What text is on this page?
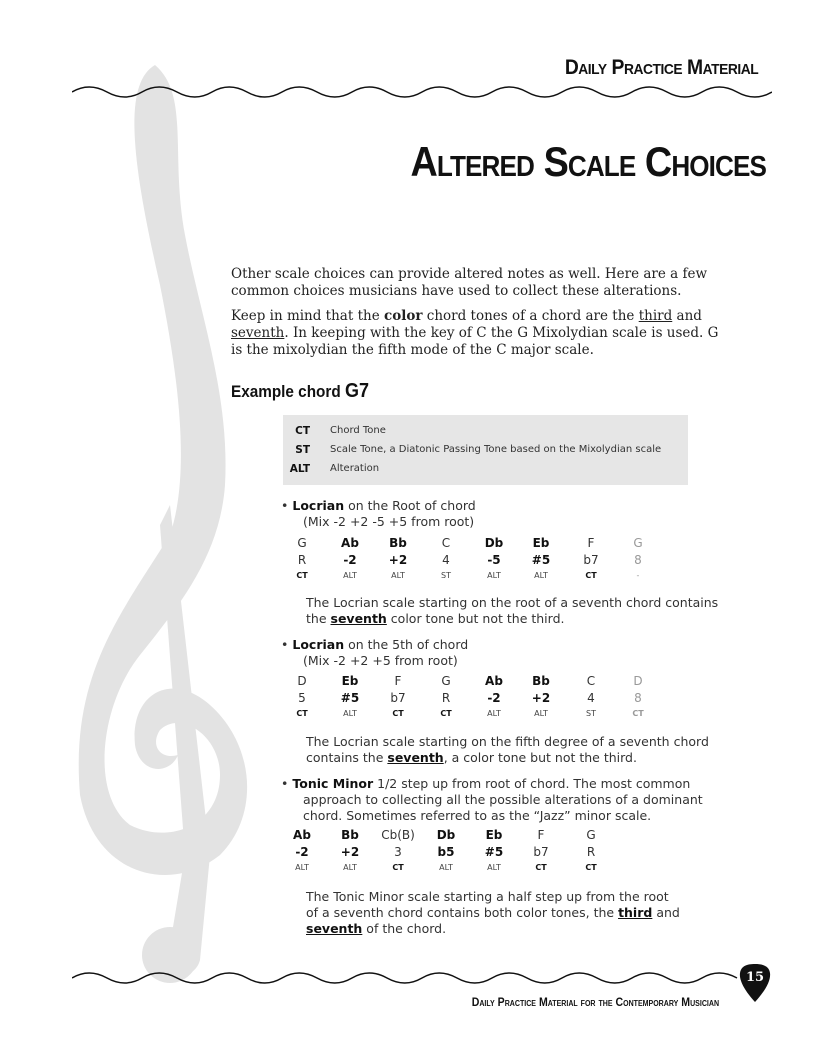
Daily Practice Material
Altered Scale Choices

Other scale choices can provide altered notes as well. Here are a few common choices musicians have used to collect these alterations.

Keep in mind that the color chord tones of a chord are the third and seventh. In keeping with the key of C the G Mixolydian scale is used. G is the mixolydian the fifth mode of the C major scale.

Example chord G7
CT Chord Tone
ST Scale Tone, a Diatonic Passing Tone based on the Mixolydian scale
ALT Alteration
• Locrian on the Root of chord
(Mix -2 +2 -5 +5 from root)
G	Ab	Bb	C	Db	Eb	F	G
R	-2	+2	4	-5	#5	b7	8
CT	ALT	ALT	ST	ALT	ALT	CT	-
The Locrian scale starting on the root of a seventh chord contains the seventh color tone but not the third.
• Locrian on the 5th of chord
(Mix -2 +2 +5 from root)
D	Eb	F	G	Ab	Bb	C	D
5	#5	b7	R	-2	+2	4	8
CT	ALT	CT	CT	ALT	ALT	ST	CT
The Locrian scale starting on the fifth degree of a seventh chord contains the seventh, a color tone but not the third.
• Tonic Minor 1/2 step up from root of chord. The most common
approach to collecting all the possible alterations of a dominant
chord. Sometimes referred to as the “Jazz” minor scale.
Ab	Bb	Cb(B)	Db	Eb	F	G
-2	+2	3	b5	#5	b7	R
ALT	ALT	CT	ALT	ALT	CT	CT
The Tonic Minor scale starting a half step up from the root
of a seventh chord contains both color tones, the third and
seventh of the chord.
15
Daily Practice Material for the Contemporary Musician
